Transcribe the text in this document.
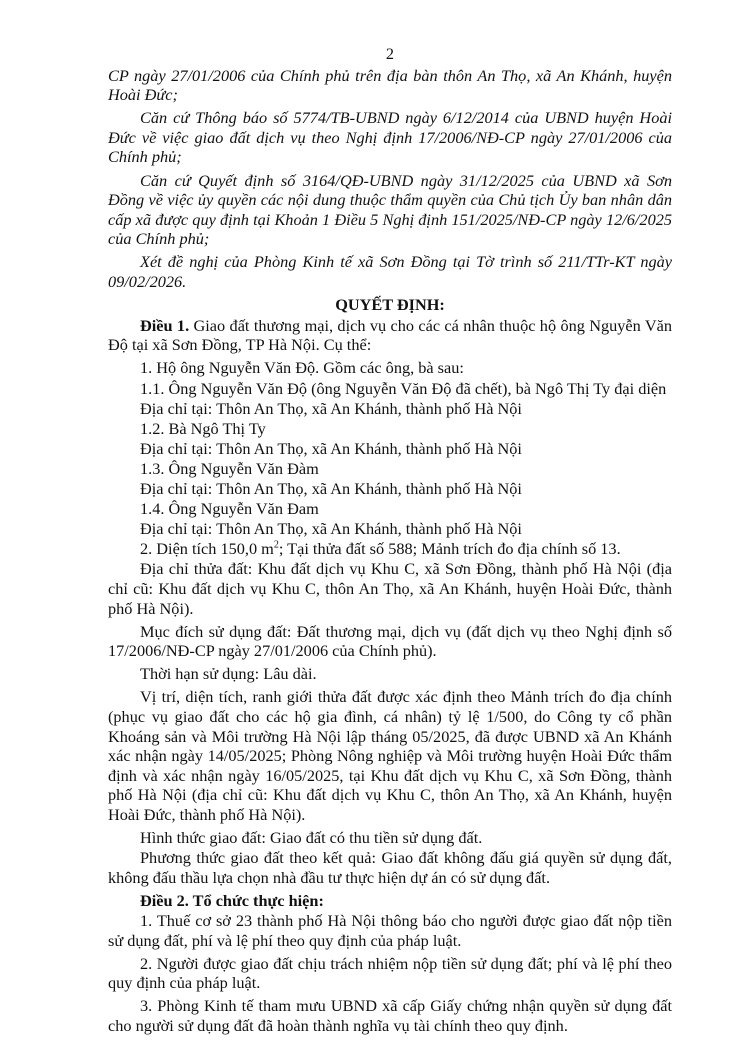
2

CP ngày 27/01/2006 của Chính phủ trên địa bàn thôn An Thọ, xã An Khánh, huyện Hoài Đức;

Căn cứ Thông báo số 5774/TB-UBND ngày 6/12/2014 của UBND huyện Hoài Đức về việc giao đất dịch vụ theo Nghị định 17/2006/NĐ-CP ngày 27/01/2006 của Chính phủ;

Căn cứ Quyết định số 3164/QĐ-UBND ngày 31/12/2025 của UBND xã Sơn Đồng về việc ủy quyền các nội dung thuộc thẩm quyền của Chủ tịch Ủy ban nhân dân cấp xã được quy định tại Khoản 1 Điều 5 Nghị định 151/2025/NĐ-CP ngày 12/6/2025 của Chính phủ;

Xét đề nghị của Phòng Kinh tế xã Sơn Đồng tại Tờ trình số 211/TTr-KT ngày 09/02/2026.

QUYẾT ĐỊNH:

Điều 1. Giao đất thương mại, dịch vụ cho các cá nhân thuộc hộ ông Nguyễn Văn Độ tại xã Sơn Đồng, TP Hà Nội. Cụ thể:

1. Hộ ông Nguyễn Văn Độ. Gồm các ông, bà sau:

1.1. Ông Nguyễn Văn Độ (ông Nguyễn Văn Độ đã chết), bà Ngô Thị Ty đại diện

Địa chỉ tại: Thôn An Thọ, xã An Khánh, thành phố Hà Nội

1.2. Bà Ngô Thị Ty

Địa chỉ tại: Thôn An Thọ, xã An Khánh, thành phố Hà Nội

1.3. Ông Nguyễn Văn Đàm

Địa chỉ tại: Thôn An Thọ, xã An Khánh, thành phố Hà Nội

1.4. Ông Nguyễn Văn Đam

Địa chỉ tại: Thôn An Thọ, xã An Khánh, thành phố Hà Nội

2. Diện tích 150,0 $m^2$; Tại thửa đất số 588; Mảnh trích đo địa chính số 13.

Địa chỉ thửa đất: Khu đất dịch vụ Khu C, xã Sơn Đồng, thành phố Hà Nội (địa chỉ cũ: Khu đất dịch vụ Khu C, thôn An Thọ, xã An Khánh, huyện Hoài Đức, thành phố Hà Nội).

Mục đích sử dụng đất: Đất thương mại, dịch vụ (đất dịch vụ theo Nghị định số 17/2006/NĐ-CP ngày 27/01/2006 của Chính phủ).

Thời hạn sử dụng: Lâu dài.

Vị trí, diện tích, ranh giới thửa đất được xác định theo Mảnh trích đo địa chính (phục vụ giao đất cho các hộ gia đình, cá nhân) tỷ lệ 1/500, do Công ty cổ phần Khoáng sản và Môi trường Hà Nội lập tháng 05/2025, đã được UBND xã An Khánh xác nhận ngày 14/05/2025; Phòng Nông nghiệp và Môi trường huyện Hoài Đức thẩm định và xác nhận ngày 16/05/2025, tại Khu đất dịch vụ Khu C, xã Sơn Đồng, thành phố Hà Nội (địa chỉ cũ: Khu đất dịch vụ Khu C, thôn An Thọ, xã An Khánh, huyện Hoài Đức, thành phố Hà Nội).

Hình thức giao đất: Giao đất có thu tiền sử dụng đất.

Phương thức giao đất theo kết quả: Giao đất không đấu giá quyền sử dụng đất, không đấu thầu lựa chọn nhà đầu tư thực hiện dự án có sử dụng đất.

Điều 2. Tổ chức thực hiện:

1. Thuế cơ sở 23 thành phố Hà Nội thông báo cho người được giao đất nộp tiền sử dụng đất, phí và lệ phí theo quy định của pháp luật.

2. Người được giao đất chịu trách nhiệm nộp tiền sử dụng đất; phí và lệ phí theo quy định của pháp luật.

3. Phòng Kinh tế tham mưu UBND xã cấp Giấy chứng nhận quyền sử dụng đất cho người sử dụng đất đã hoàn thành nghĩa vụ tài chính theo quy định.
